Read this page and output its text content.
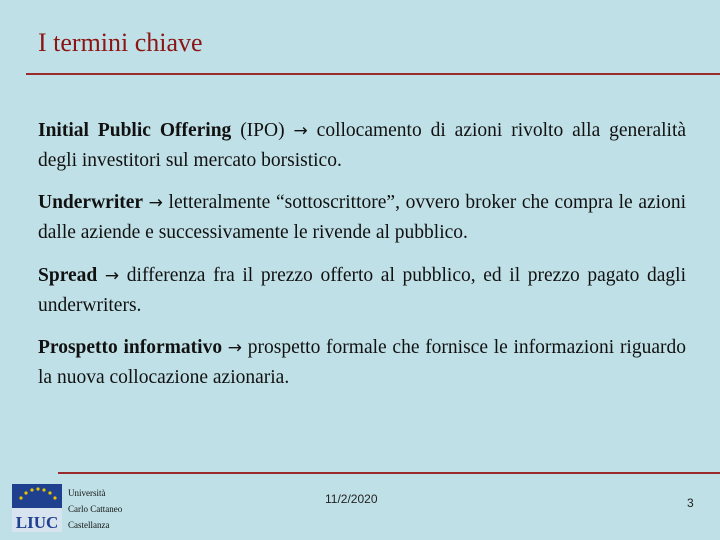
I termini chiave

Initial Public Offering (IPO) → collocamento di azioni rivolto alla generalità degli investitori sul mercato borsistico.

Underwriter → letteralmente “sottoscrittore”, ovvero broker che compra le azioni dalle aziende e successivamente le rivende al pubblico.

Spread → differenza fra il prezzo offerto al pubblico, ed il prezzo pagato dagli underwriters.

Prospetto informativo → prospetto formale che fornisce le informazioni riguardo la nuova collocazione azionaria.

LIUC
Università
Carlo Cattaneo
Castellanza
11/2/2020	3
